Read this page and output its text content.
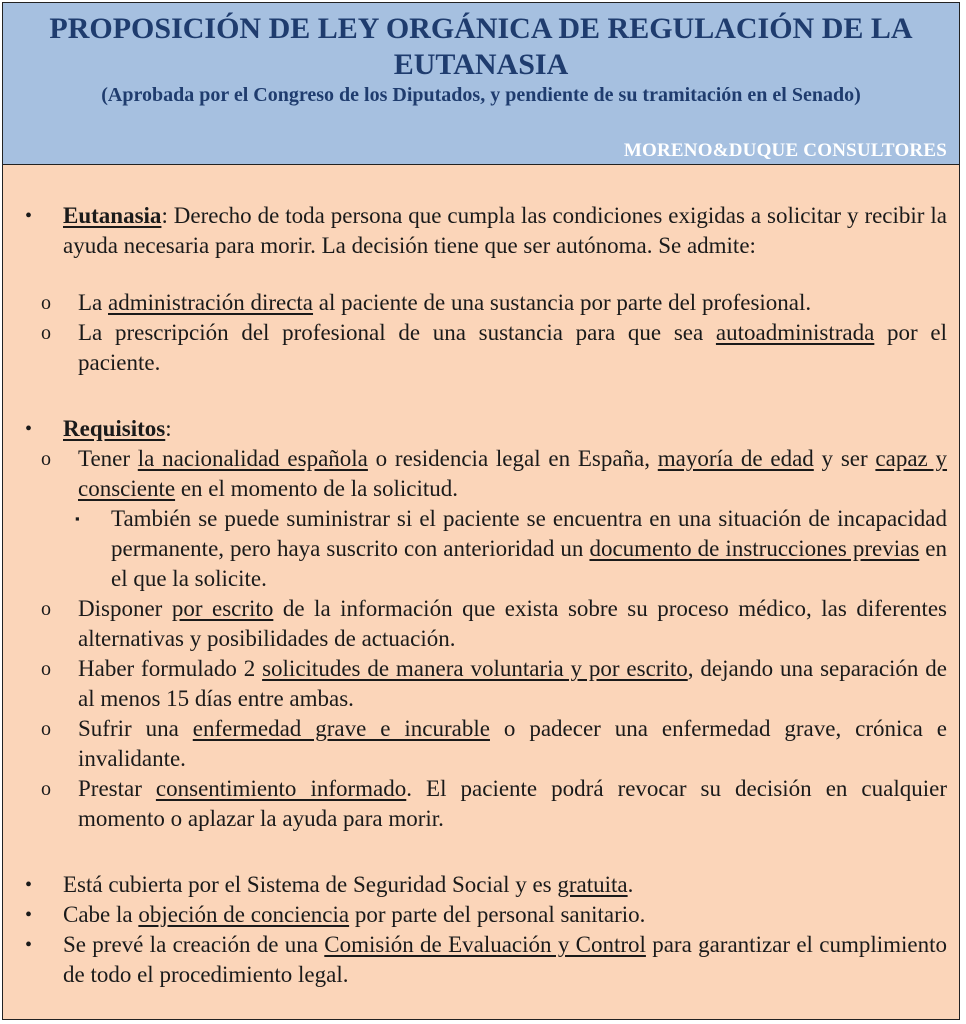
PROPOSICIÓN DE LEY ORGÁNICA DE REGULACIÓN DE LA EUTANASIA
(Aprobada por el Congreso de los Diputados, y pendiente de su tramitación en el Senado)
MORENO&DUQUE CONSULTORES
• Eutanasia: Derecho de toda persona que cumpla las condiciones exigidas a solicitar y recibir la ayuda necesaria para morir. La decisión tiene que ser autónoma. Se admite:
o La administración directa al paciente de una sustancia por parte del profesional.
o La prescripción del profesional de una sustancia para que sea autoadministrada por el paciente.
• Requisitos:
o Tener la nacionalidad española o residencia legal en España, mayoría de edad y ser capaz y consciente en el momento de la solicitud.
▪ También se puede suministrar si el paciente se encuentra en una situación de incapacidad permanente, pero haya suscrito con anterioridad un documento de instrucciones previas en el que la solicite.
o Disponer por escrito de la información que exista sobre su proceso médico, las diferentes alternativas y posibilidades de actuación.
o Haber formulado 2 solicitudes de manera voluntaria y por escrito, dejando una separación de al menos 15 días entre ambas.
o Sufrir una enfermedad grave e incurable o padecer una enfermedad grave, crónica e invalidante.
o Prestar consentimiento informado. El paciente podrá revocar su decisión en cualquier momento o aplazar la ayuda para morir.
• Está cubierta por el Sistema de Seguridad Social y es gratuita.
• Cabe la objeción de conciencia por parte del personal sanitario.
• Se prevé la creación de una Comisión de Evaluación y Control para garantizar el cumplimiento de todo el procedimiento legal.
